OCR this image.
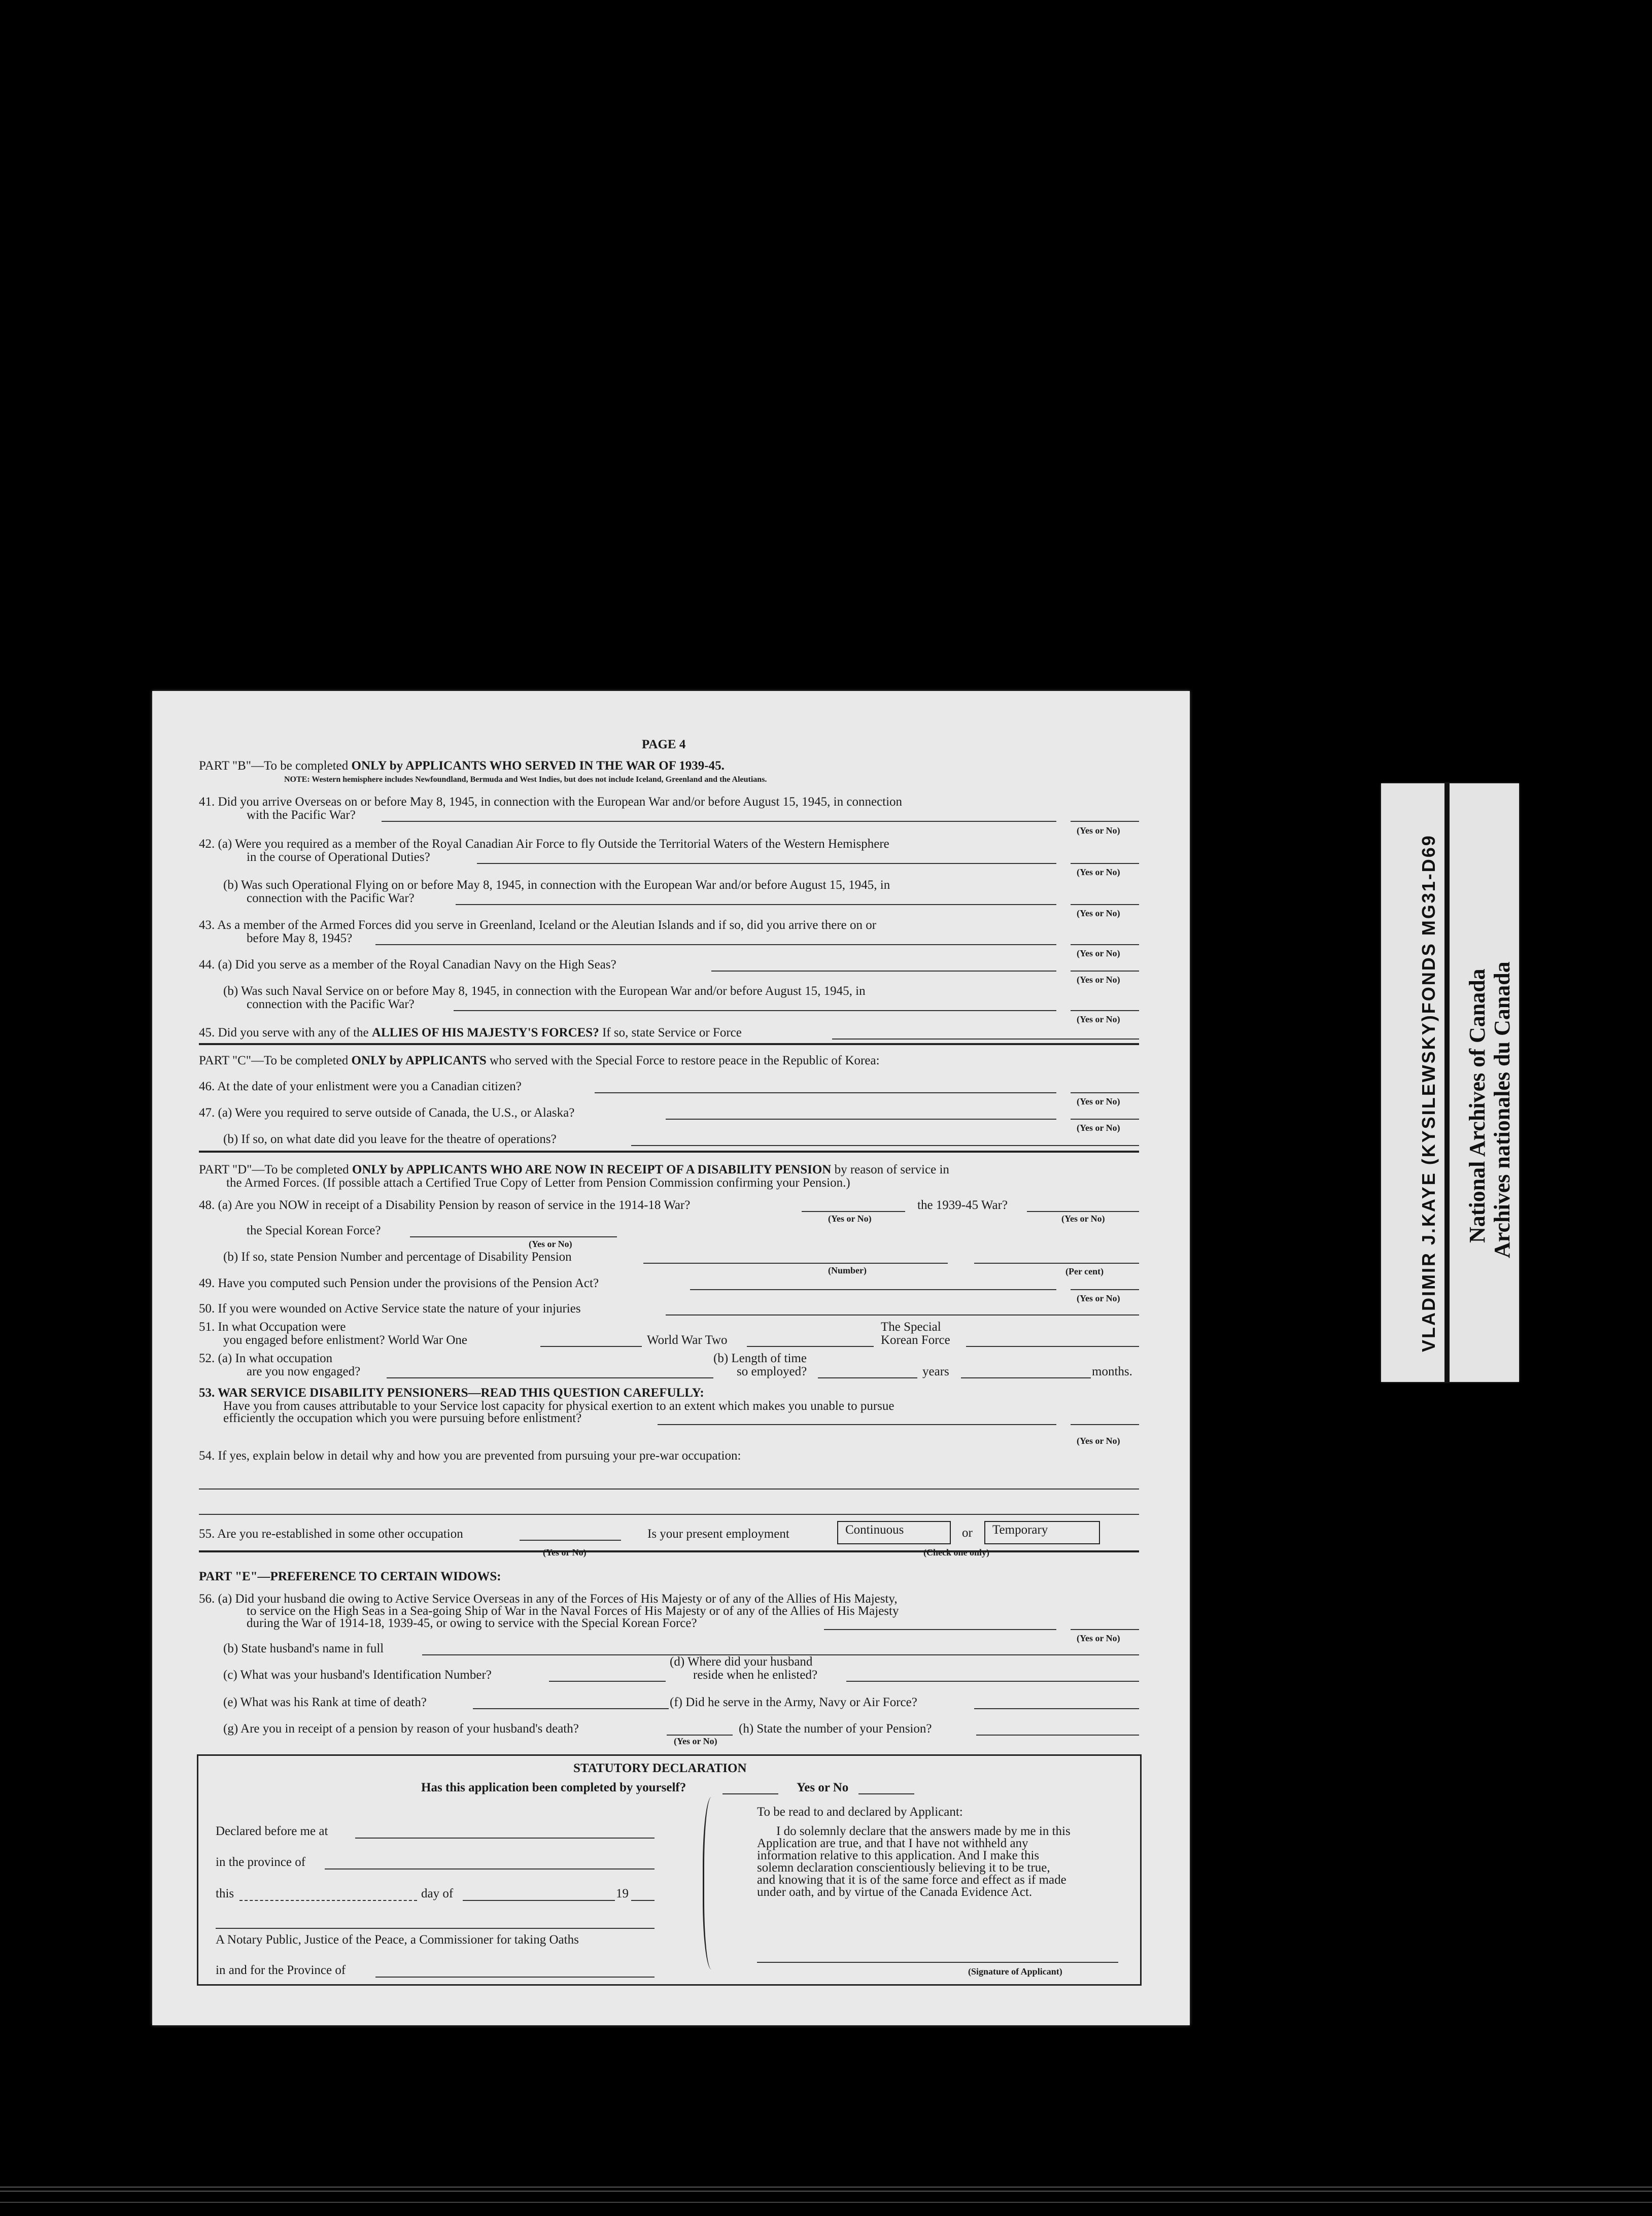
PAGE 4
PART "B"—To be completed ONLY by APPLICANTS WHO SERVED IN THE WAR OF 1939-45.
NOTE: Western hemisphere includes Newfoundland, Bermuda and West Indies, but does not include Iceland, Greenland and the Aleutians.
41. Did you arrive Overseas on or before May 8, 1945, in connection with the European War and/or before August 15, 1945, in connection
with the Pacific War?
(Yes or No)
42. (a) Were you required as a member of the Royal Canadian Air Force to fly Outside the Territorial Waters of the Western Hemisphere
in the course of Operational Duties?
(Yes or No)
(b) Was such Operational Flying on or before May 8, 1945, in connection with the European War and/or before August 15, 1945, in
connection with the Pacific War?
(Yes or No)
43. As a member of the Armed Forces did you serve in Greenland, Iceland or the Aleutian Islands and if so, did you arrive there on or
before May 8, 1945?
(Yes or No)
44. (a) Did you serve as a member of the Royal Canadian Navy on the High Seas?
(Yes or No)
(b) Was such Naval Service on or before May 8, 1945, in connection with the European War and/or before August 15, 1945, in
connection with the Pacific War?
(Yes or No)
45. Did you serve with any of the ALLIES OF HIS MAJESTY'S FORCES? If so, state Service or Force
PART "C"—To be completed ONLY by APPLICANTS who served with the Special Force to restore peace in the Republic of Korea:
46. At the date of your enlistment were you a Canadian citizen?
(Yes or No)
47. (a) Were you required to serve outside of Canada, the U.S., or Alaska?
(Yes or No)
(b) If so, on what date did you leave for the theatre of operations?
PART "D"—To be completed ONLY by APPLICANTS WHO ARE NOW IN RECEIPT OF A DISABILITY PENSION by reason of service in
the Armed Forces. (If possible attach a Certified True Copy of Letter from Pension Commission confirming your Pension.)
48. (a) Are you NOW in receipt of a Disability Pension by reason of service in the 1914-18 War?
(Yes or No)
the 1939-45 War?
(Yes or No)
the Special Korean Force?
(Yes or No)
(b) If so, state Pension Number and percentage of Disability Pension
(Number)	(Per cent)
49. Have you computed such Pension under the provisions of the Pension Act?
(Yes or No)
50. If you were wounded on Active Service state the nature of your injuries
51. In what Occupation were
you engaged before enlistment? World War One	World War Two
The Special
Korean Force
52. (a) In what occupation
are you now engaged?
(b) Length of time
so employed?	years	months.
53. WAR SERVICE DISABILITY PENSIONERS—READ THIS QUESTION CAREFULLY:
Have you from causes attributable to your Service lost capacity for physical exertion to an extent which makes you unable to pursue
efficiently the occupation which you were pursuing before enlistment?
(Yes or No)
54. If yes, explain below in detail why and how you are prevented from pursuing your pre-war occupation:
55. Are you re-established in some other occupation	Is your present employment	Continuous	or	Temporary
(Yes or No)	(Check one only)
PART "E"—PREFERENCE TO CERTAIN WIDOWS:
56. (a) Did your husband die owing to Active Service Overseas in any of the Forces of His Majesty or of any of the Allies of His Majesty,
to service on the High Seas in a Sea-going Ship of War in the Naval Forces of His Majesty or of any of the Allies of His Majesty
during the War of 1914-18, 1939-45, or owing to service with the Special Korean Force?
(Yes or No)
(b) State husband's name in full
(c) What was your husband's Identification Number?
(d) Where did your husband
reside when he enlisted?
(e) What was his Rank at time of death?	(f) Did he serve in the Army, Navy or Air Force?
(g) Are you in receipt of a pension by reason of your husband's death?
(Yes or No)
(h) State the number of your Pension?
STATUTORY DECLARATION
Has this application been completed by yourself?	Yes or No
Declared before me at
in the province of
this	day of	19
A Notary Public, Justice of the Peace, a Commissioner for taking Oaths
in and for the Province of
To be read to and declared by Applicant:
I do solemnly declare that the answers made by me in this
Application are true, and that I have not withheld any
information relative to this application. And I make this
solemn declaration conscientiously believing it to be true,
and knowing that it is of the same force and effect as if made
under oath, and by virtue of the Canada Evidence Act.
(Signature of Applicant)
VLADIMIR J.KAYE (KYSILEWSKY)FONDS MG31-D69 National Archives of Canada Archives nationales du Canada
